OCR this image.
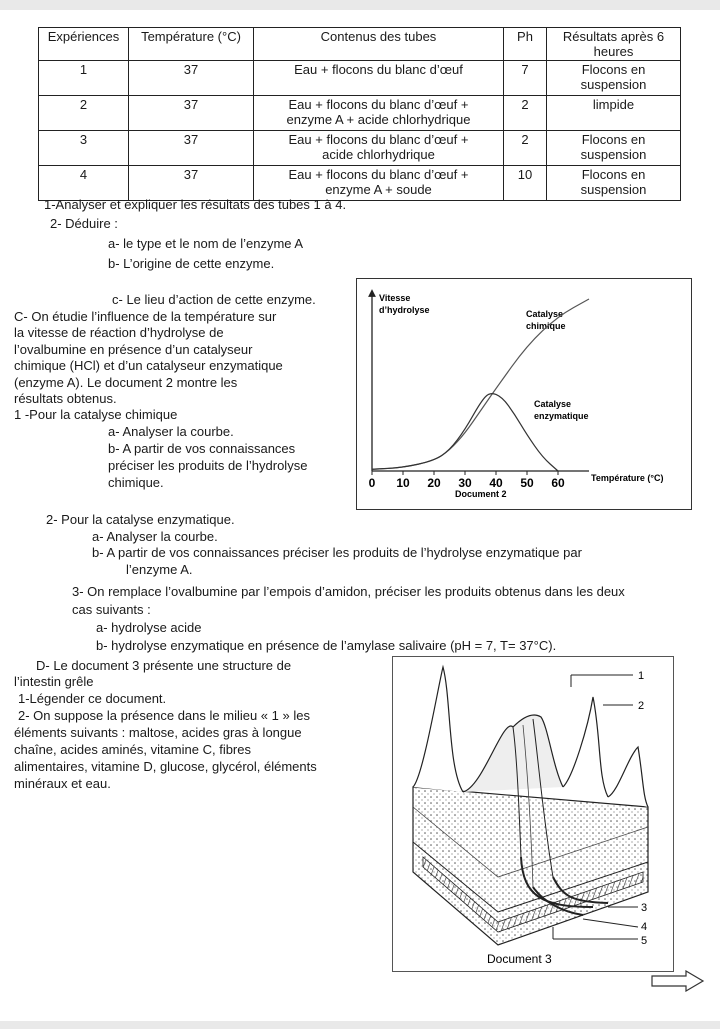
Expériences	Température (°C)	Contenus des tubes	Ph	Résultats après 6 heures
1	37	Eau + flocons du blanc d’œuf	7	Flocons en suspension
2	37	Eau + flocons du blanc d’œuf +
enzyme A + acide chlorhydrique	2	limpide
3	37	Eau + flocons du blanc d’œuf +
acide chlorhydrique	2	Flocons en suspension
4	37	Eau + flocons du blanc d’œuf +
enzyme A + soude	10	Flocons en suspension
1-Analyser et expliquer les résultats des tubes 1 à 4.
2- Déduire :
a- le type et le nom de l’enzyme A
b- L’origine de cette enzyme.
c- Le lieu d’action de cette enzyme.
C- On étudie l’influence de la température sur
la vitesse de réaction d’hydrolyse de
l’ovalbumine en présence d’un catalyseur
chimique (HCl) et d’un catalyseur enzymatique
(enzyme A). Le document 2 montre les
résultats obtenus.
1 -Pour la catalyse chimique
a- Analyser la courbe.
b- A partir de vos connaissances
préciser les produits de l’hydrolyse
chimique.
Vitesse
d’hydrolyse
Température (°C)
Document 2
Catalyse
chimique
Catalyse
enzymatique
0 10 20 30 40 50 60
2- Pour la catalyse enzymatique.
a- Analyser la courbe.
b- A partir de vos connaissances préciser les produits de l’hydrolyse enzymatique par
l’enzyme A.
3- On remplace l’ovalbumine par l’empois d’amidon, préciser les produits obtenus dans les deux
cas suivants :
a- hydrolyse acide
b- hydrolyse enzymatique en présence de l’amylase salivaire (pH = 7, T= 37°C).
D- Le document 3 présente une structure de
l’intestin grêle
1-Légender ce document.
2- On suppose la présence dans le milieu « 1 » les
éléments suivants : maltose, acides gras à longue
chaîne, acides aminés, vitamine C, fibres
alimentaires, vitamine D, glucose, glycérol, éléments
minéraux et eau.
1
2
3
4
5
Document 3
